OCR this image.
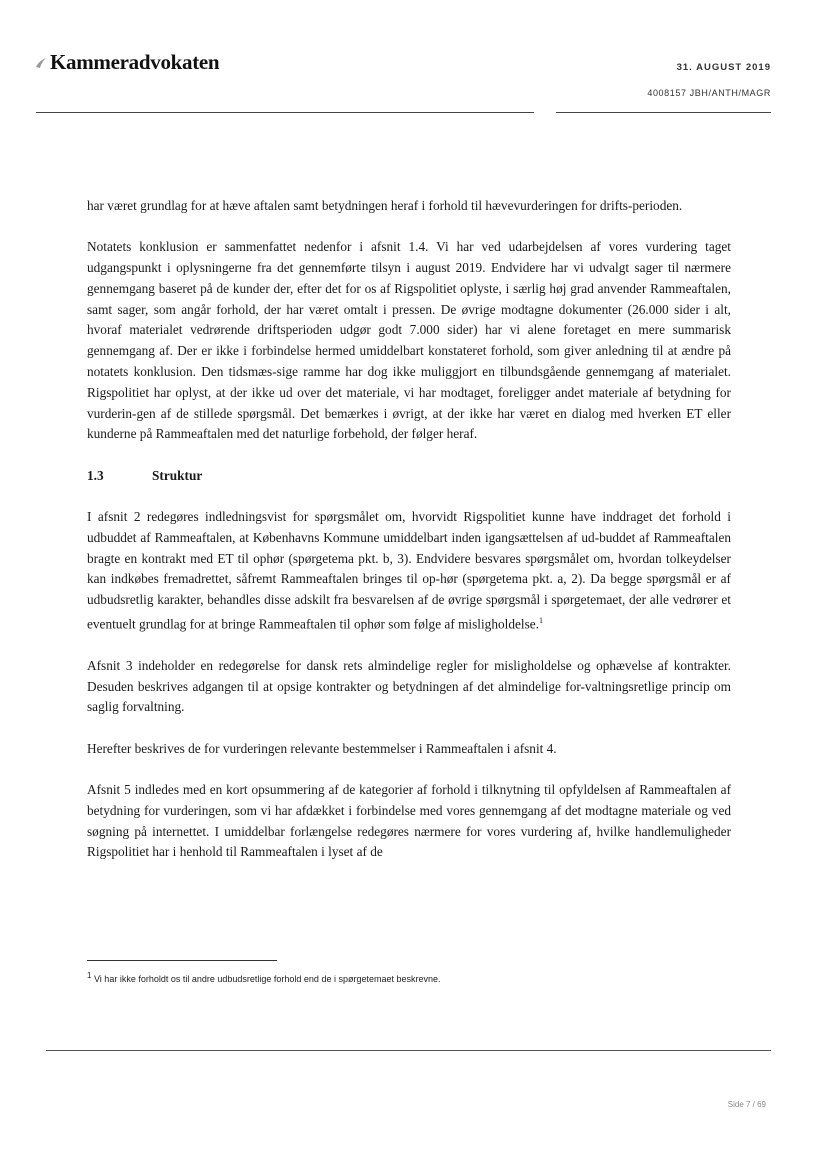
Kammeradvokaten	31. AUGUST 2019
4008157 JBH/ANTH/MAGR

har været grundlag for at hæve aftalen samt betydningen heraf i forhold til hævevurderingen for drifts-perioden.

Notatets konklusion er sammenfattet nedenfor i afsnit 1.4. Vi har ved udarbejdelsen af vores vurdering taget udgangspunkt i oplysningerne fra det gennemførte tilsyn i august 2019. Endvidere har vi udvalgt sager til nærmere gennemgang baseret på de kunder der, efter det for os af Rigspolitiet oplyste, i særlig høj grad anvender Rammeaftalen, samt sager, som angår forhold, der har været omtalt i pressen. De øvrige modtagne dokumenter (26.000 sider i alt, hvoraf materialet vedrørende driftsperioden udgør godt 7.000 sider) har vi alene foretaget en mere summarisk gennemgang af. Der er ikke i forbindelse hermed umiddelbart konstateret forhold, som giver anledning til at ændre på notatets konklusion. Den tidsmæs-sige ramme har dog ikke muliggjort en tilbundsgående gennemgang af materialet. Rigspolitiet har oplyst, at der ikke ud over det materiale, vi har modtaget, foreligger andet materiale af betydning for vurderin-gen af de stillede spørgsmål. Det bemærkes i øvrigt, at der ikke har været en dialog med hverken ET eller kunderne på Rammeaftalen med det naturlige forbehold, der følger heraf.

1.3	Struktur

I afsnit 2 redegøres indledningsvist for spørgsmålet om, hvorvidt Rigspolitiet kunne have inddraget det forhold i udbuddet af Rammeaftalen, at Københavns Kommune umiddelbart inden igangsættelsen af ud-buddet af Rammeaftalen bragte en kontrakt med ET til ophør (spørgetema pkt. b, 3). Endvidere besvares spørgsmålet om, hvordan tolkeydelser kan indkøbes fremadrettet, såfremt Rammeaftalen bringes til op-hør (spørgetema pkt. a, 2). Da begge spørgsmål er af udbudsretlig karakter, behandles disse adskilt fra besvarelsen af de øvrige spørgsmål i spørgetemaet, der alle vedrører et eventuelt grundlag for at bringe Rammeaftalen til ophør som følge af misligholdelse.$^1$

Afsnit 3 indeholder en redegørelse for dansk rets almindelige regler for misligholdelse og ophævelse af kontrakter. Desuden beskrives adgangen til at opsige kontrakter og betydningen af det almindelige for-valtningsretlige princip om saglig forvaltning.

Herefter beskrives de for vurderingen relevante bestemmelser i Rammeaftalen i afsnit 4.

Afsnit 5 indledes med en kort opsummering af de kategorier af forhold i tilknytning til opfyldelsen af Rammeaftalen af betydning for vurderingen, som vi har afdækket i forbindelse med vores gennemgang af det modtagne materiale og ved søgning på internettet. I umiddelbar forlængelse redegøres nærmere for vores vurdering af, hvilke handlemuligheder Rigspolitiet har i henhold til Rammeaftalen i lyset af de

$^1$ Vi har ikke forholdt os til andre udbudsretlige forhold end de i spørgetemaet beskrevne.
Side 7 / 69
